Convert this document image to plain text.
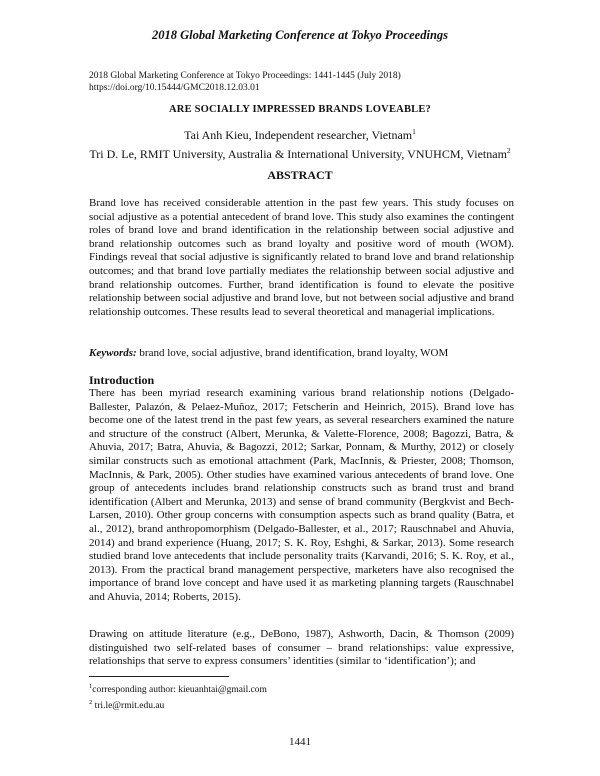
2018 Global Marketing Conference at Tokyo Proceedings
2018 Global Marketing Conference at Tokyo Proceedings: 1441-1445 (July 2018)
https://doi.org/10.15444/GMC2018.12.03.01
ARE SOCIALLY IMPRESSED BRANDS LOVEABLE?
Tai Anh Kieu, Independent researcher, Vietnam$^1$
Tri D. Le, RMIT University, Australia & International University, VNUHCM, Vietnam$^2$
ABSTRACT
Brand love has received considerable attention in the past few years. This study focuses on social adjustive as a potential antecedent of brand love. This study also examines the contingent roles of brand love and brand identification in the relationship between social adjustive and brand relationship outcomes such as brand loyalty and positive word of mouth (WOM). Findings reveal that social adjustive is significantly related to brand love and brand relationship outcomes; and that brand love partially mediates the relationship between social adjustive and brand relationship outcomes. Further, brand identification is found to elevate the positive relationship between social adjustive and brand love, but not between social adjustive and brand relationship outcomes. These results lead to several theoretical and managerial implications.
Keywords: brand love, social adjustive, brand identification, brand loyalty, WOM
Introduction
There has been myriad research examining various brand relationship notions (Delgado-Ballester, Palazón, & Pelaez-Muñoz, 2017; Fetscherin and Heinrich, 2015). Brand love has become one of the latest trend in the past few years, as several researchers examined the nature and structure of the construct (Albert, Merunka, & Valette-Florence, 2008; Bagozzi, Batra, & Ahuvia, 2017; Batra, Ahuvia, & Bagozzi, 2012; Sarkar, Ponnam, & Murthy, 2012) or closely similar constructs such as emotional attachment (Park, MacInnis, & Priester, 2008; Thomson, MacInnis, & Park, 2005). Other studies have examined various antecedents of brand love. One group of antecedents includes brand relationship constructs such as brand trust and brand identification (Albert and Merunka, 2013) and sense of brand community (Bergkvist and Bech-Larsen, 2010). Other group concerns with consumption aspects such as brand quality (Batra, et al., 2012), brand anthropomorphism (Delgado-Ballester, et al., 2017; Rauschnabel and Ahuvia, 2014) and brand experience (Huang, 2017; S. K. Roy, Eshghi, & Sarkar, 2013). Some research studied brand love antecedents that include personality traits (Karvandi, 2016; S. K. Roy, et al., 2013). From the practical brand management perspective, marketers have also recognised the importance of brand love concept and have used it as marketing planning targets (Rauschnabel and Ahuvia, 2014; Roberts, 2015).
Drawing on attitude literature (e.g., DeBono, 1987), Ashworth, Dacin, & Thomson (2009) distinguished two self-related bases of consumer – brand relationships: value expressive, relationships that serve to express consumers’ identities (similar to ‘identification’); and
$^1$corresponding author: kieuanhtai@gmail.com
$^2$ tri.le@rmit.edu.au
1441
